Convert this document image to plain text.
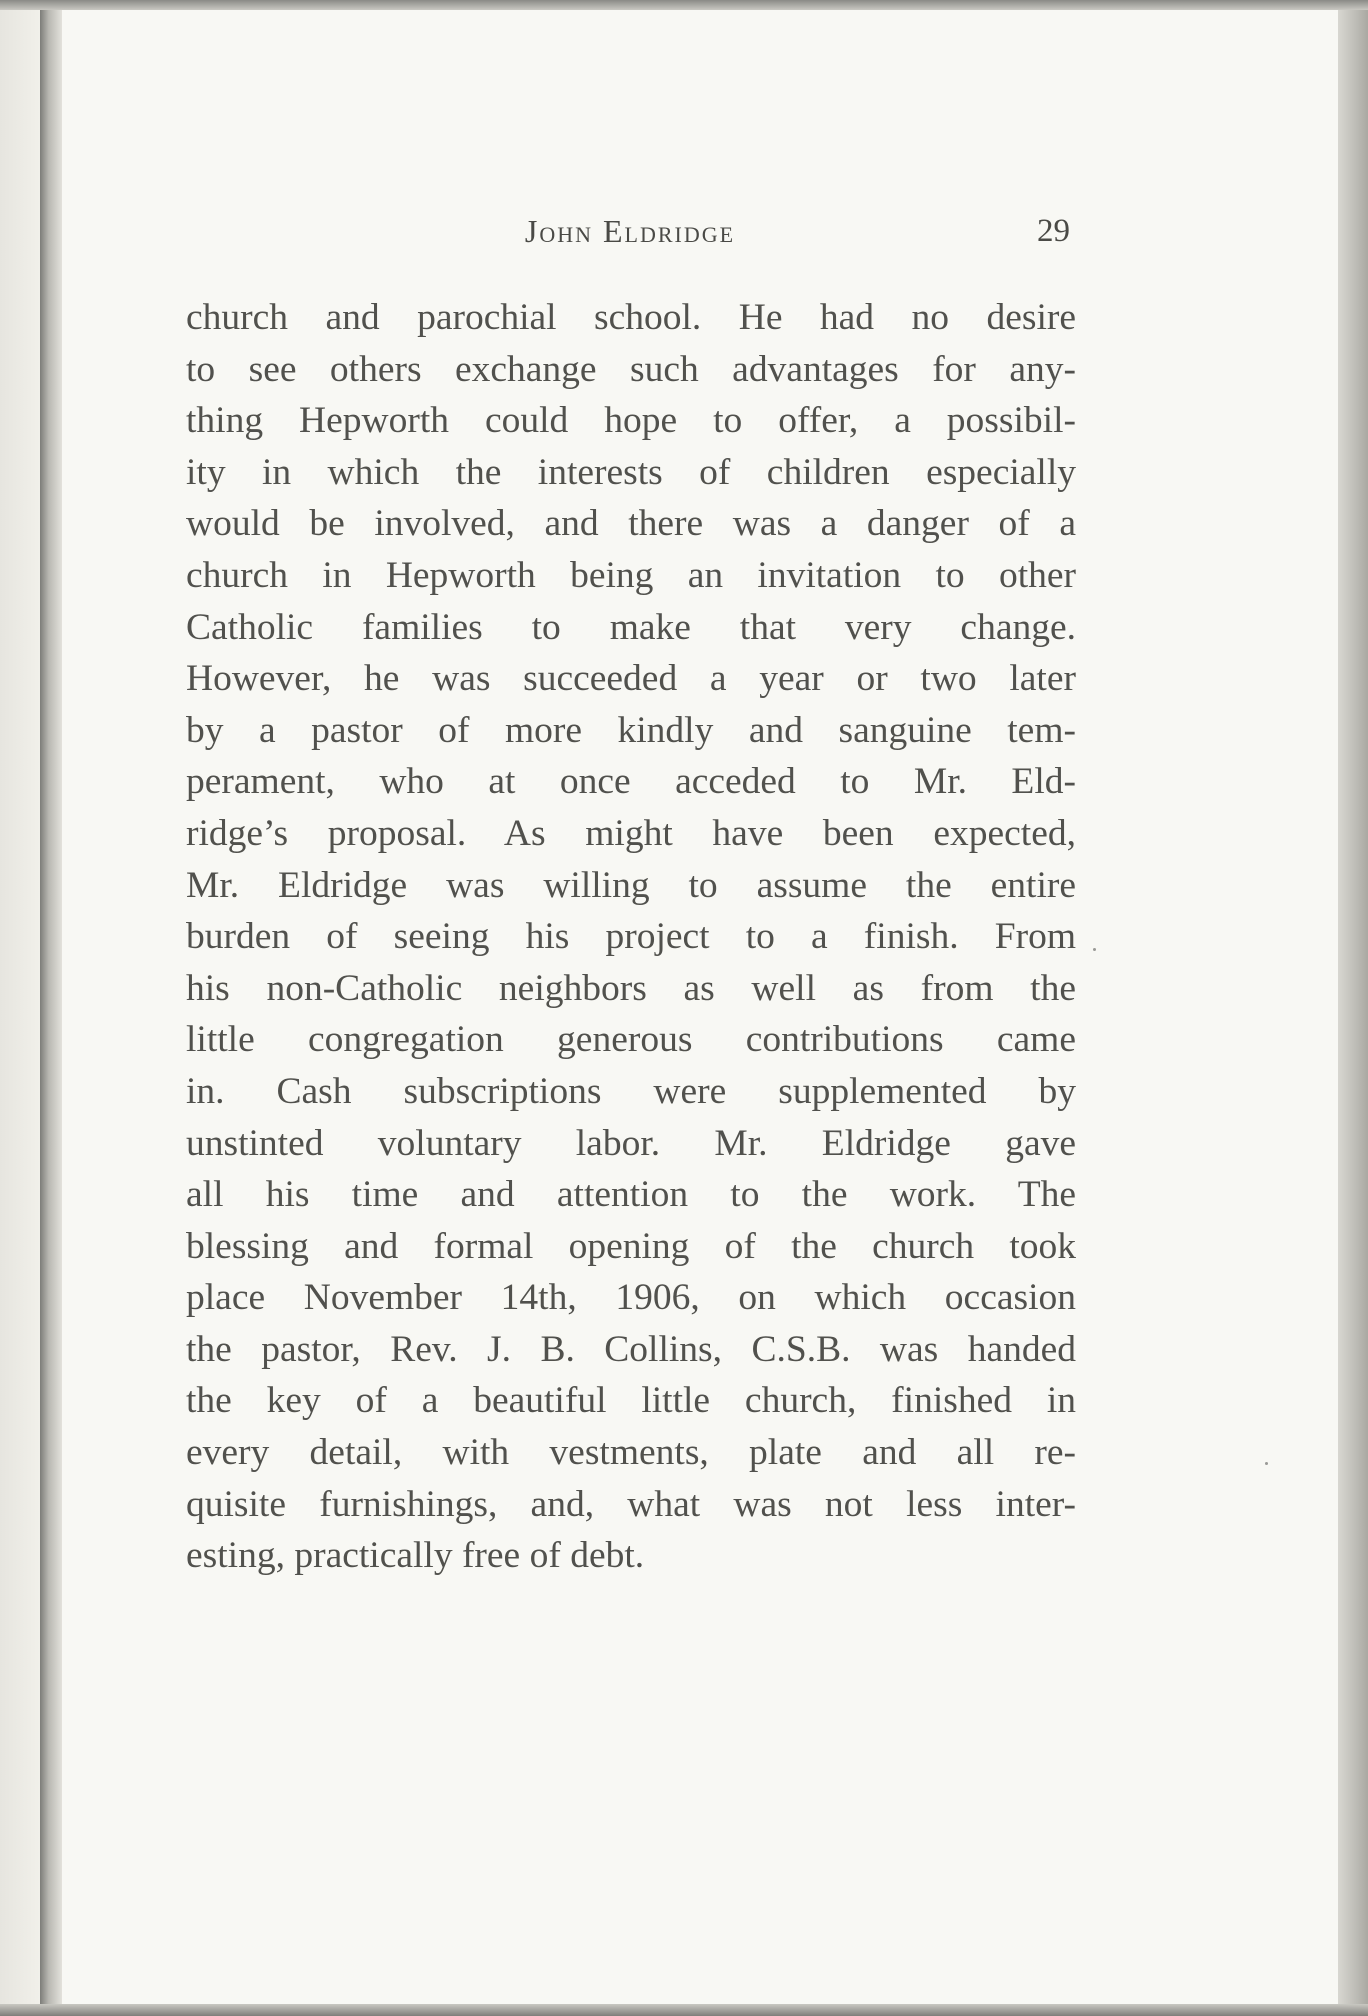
John Eldridge	29
church and parochial school. He had no desire
to see others exchange such advantages for any-
thing Hepworth could hope to offer, a possibil-
ity in which the interests of children especially
would be involved, and there was a danger of a
church in Hepworth being an invitation to other
Catholic families to make that very change.
However, he was succeeded a year or two later
by a pastor of more kindly and sanguine tem-
perament, who at once acceded to Mr. Eld-
ridge’s proposal. As might have been expected,
Mr. Eldridge was willing to assume the entire
burden of seeing his project to a finish. From
his non-Catholic neighbors as well as from the
little congregation generous contributions came
in. Cash subscriptions were supplemented by
unstinted voluntary labor. Mr. Eldridge gave
all his time and attention to the work. The
blessing and formal opening of the church took
place November 14th, 1906, on which occasion
the pastor, Rev. J. B. Collins, C.S.B. was handed
the key of a beautiful little church, finished in
every detail, with vestments, plate and all re-
quisite furnishings, and, what was not less inter-
esting, practically free of debt.
